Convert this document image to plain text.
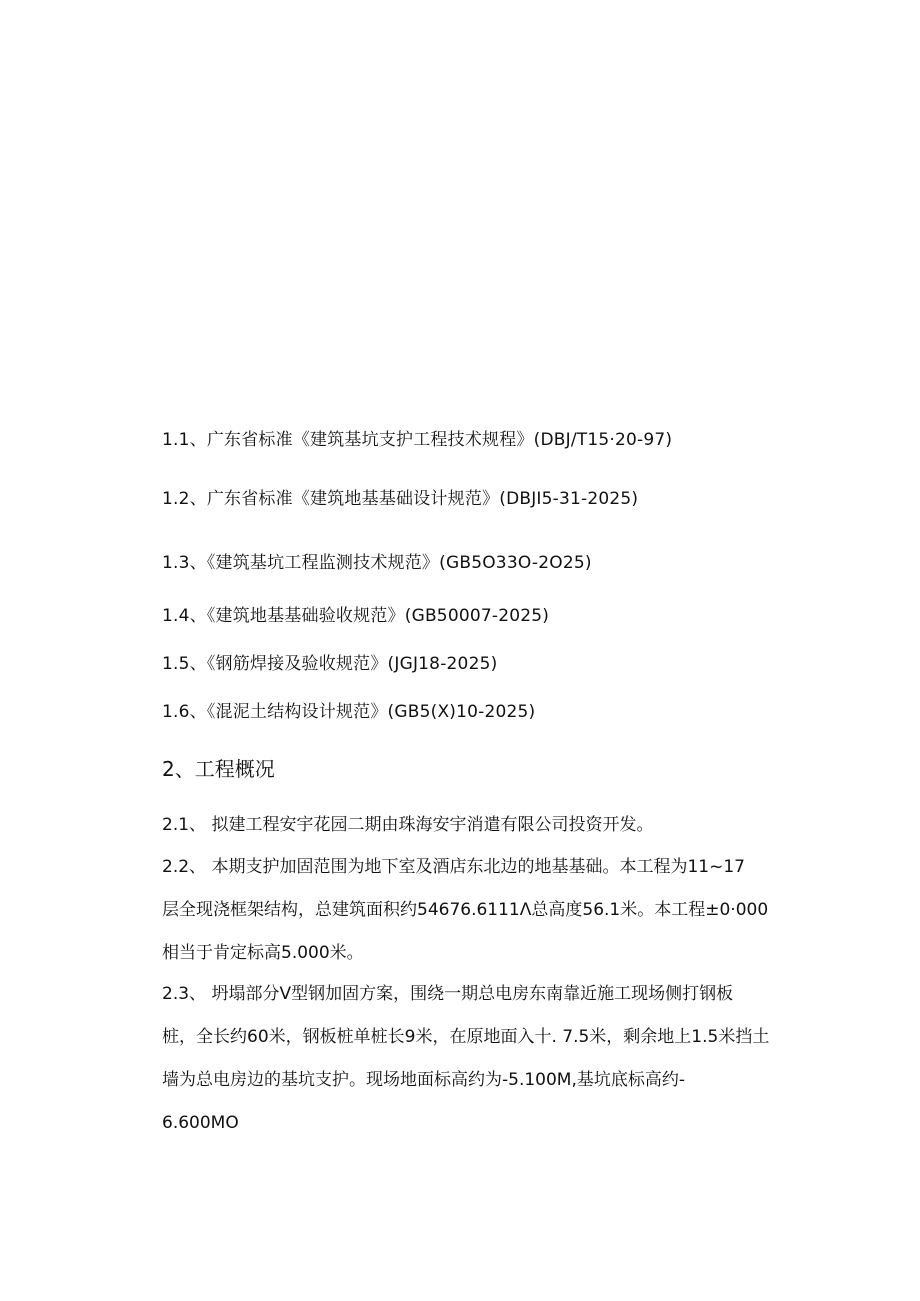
1.1、广东省标准《建筑基坑支护工程技术规程》(DBJ/T15·20-97)
1.2、广东省标准《建筑地基基础设计规范》(DBJI5-31-2025)
1.3、《建筑基坑工程监测技术规范》(GB5O33O-2O25)
1.4、《建筑地基基础验收规范》(GB50007-2025)
1.5、《钢筋焊接及验收规范》(JGJ18-2025)
1.6、《混泥土结构设计规范》(GB5(X)10-2025)
2、工程概况
2.1、 拟建工程安宇花园二期由珠海安宇消遣有限公司投资开发。
2.2、 本期支护加固范围为地下室及酒店东北边的地基基础。本工程为11~17
层全现浇框架结构，总建筑面积约54676.6111Λ总高度56.1米。本工程±0·000
相当于肯定标高5.000米。
2.3、 坍塌部分V型钢加固方案，围绕一期总电房东南靠近施工现场侧打钢板
桩，全长约60米，钢板桩单桩长9米，在原地面入十. 7.5米，剩余地上1.5米挡土
墙为总电房边的基坑支护。现场地面标高约为-5.100M,基坑底标高约-
6.600MO
